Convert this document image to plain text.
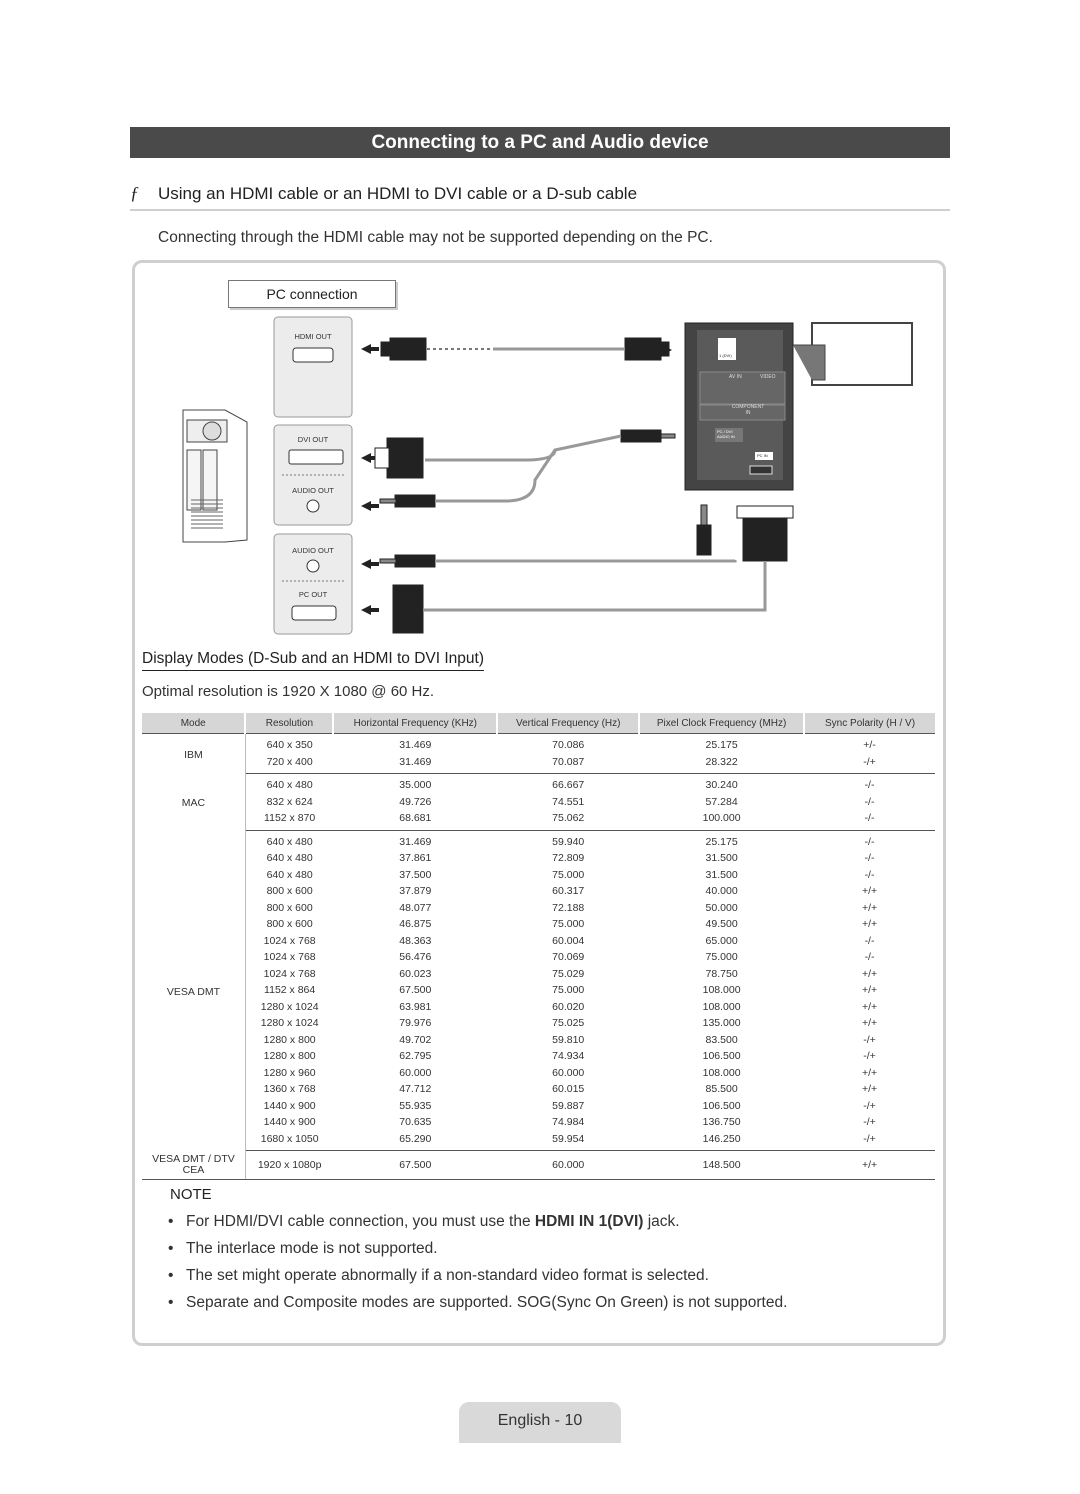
Connecting to a PC and Audio device
ƒ Using an HDMI cable or an HDMI to DVI cable or a D-sub cable
Connecting through the HDMI cable may not be supported depending on the PC.
PC connection
HDMI OUT
DVI OUT
AUDIO OUT
AUDIO OUT
PC OUT
1 (DVI)
AV IN	VIDEO
COMPONENT IN
PC / DVI AUDIO IN
PC IN
Display Modes (D-Sub and an HDMI to DVI Input)
Optimal resolution is 1920 X 1080 @ 60 Hz.
Mode	Resolution	Horizontal Frequency (KHz)	Vertical Frequency (Hz)	Pixel Clock Frequency (MHz)	Sync Polarity (H / V)
IBM	640 x 350	31.469	70.086	25.175	+/-
	720 x 400	31.469	70.087	28.322	-/+
MAC	640 x 480	35.000	66.667	30.240	-/-
	832 x 624	49.726	74.551	57.284	-/-
	1152 x 870	68.681	75.062	100.000	-/-
VESA DMT	640 x 480	31.469	59.940	25.175	-/-
	640 x 480	37.861	72.809	31.500	-/-
	640 x 480	37.500	75.000	31.500	-/-
	800 x 600	37.879	60.317	40.000	+/+
	800 x 600	48.077	72.188	50.000	+/+
	800 x 600	46.875	75.000	49.500	+/+
	1024 x 768	48.363	60.004	65.000	-/-
	1024 x 768	56.476	70.069	75.000	-/-
	1024 x 768	60.023	75.029	78.750	+/+
	1152 x 864	67.500	75.000	108.000	+/+
	1280 x 1024	63.981	60.020	108.000	+/+
	1280 x 1024	79.976	75.025	135.000	+/+
	1280 x 800	49.702	59.810	83.500	-/+
	1280 x 800	62.795	74.934	106.500	-/+
	1280 x 960	60.000	60.000	108.000	+/+
	1360 x 768	47.712	60.015	85.500	+/+
	1440 x 900	55.935	59.887	106.500	-/+
	1440 x 900	70.635	74.984	136.750	-/+
	1680 x 1050	65.290	59.954	146.250	-/+
VESA DMT / DTV CEA	1920 x 1080p	67.500	60.000	148.500	+/+
NOTE
• For HDMI/DVI cable connection, you must use the HDMI IN 1(DVI) jack.
• The interlace mode is not supported.
• The set might operate abnormally if a non-standard video format is selected.
• Separate and Composite modes are supported. SOG(Sync On Green) is not supported.
English - 10
